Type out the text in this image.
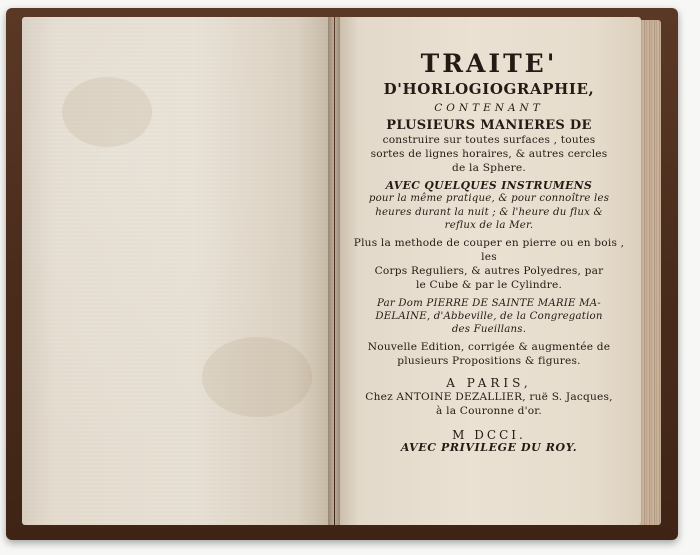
TRAITE'

D'HORLOGIOGRAPHIE,

CONTENANT

PLUSIEURS MANIERES DE

construire sur toutes surfaces , toutes

sortes de lignes horaires, & autres cercles

de la Sphere.

AVEC QUELQUES INSTRUMENS

pour la même pratique, & pour connoître les

heures durant la nuit ; & l'heure du flux &

reflux de la Mer.

Plus la methode de couper en pierre ou en bois , les

Corps Reguliers, & autres Polyedres, par

le Cube & par le Cylindre.

Par Dom PIERRE DE SAINTE MARIE MA-

DELAINE, d'Abbeville, de la Congregation

des Fueillans.

Nouvelle Edition, corrigée & augmentée de

plusieurs Propositions & figures.

A PARIS,

Chez ANTOINE DEZALLIER, ruë S. Jacques,

à la Couronne d'or.

M DCCI.

AVEC PRIVILEGE DU ROY.
